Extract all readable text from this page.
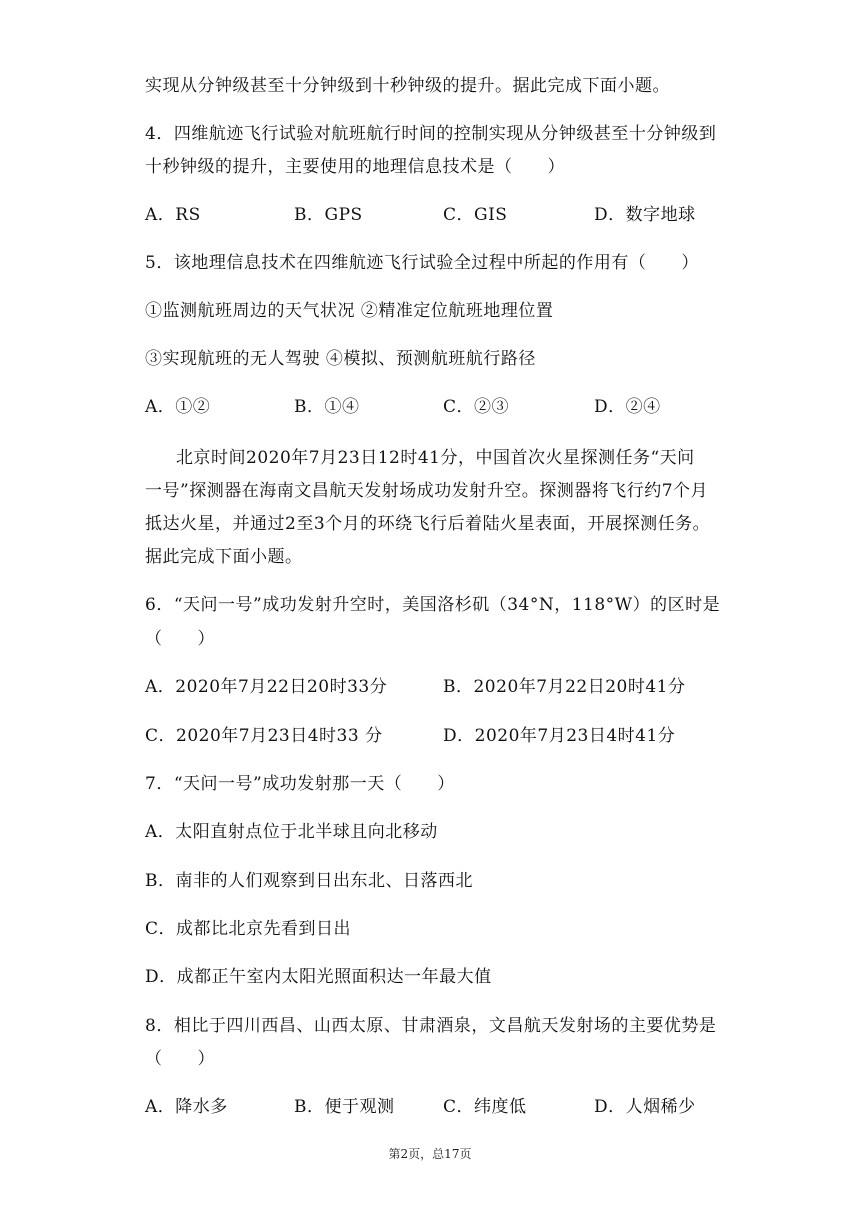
实现从分钟级甚至十分钟级到十秒钟级的提升。据此完成下面小题。
4．四维航迹飞行试验对航班航行时间的控制实现从分钟级甚至十分钟级到
十秒钟级的提升，主要使用的地理信息技术是（　　）
A．RS	B．GPS	C．GIS	D．数字地球
5．该地理信息技术在四维航迹飞行试验全过程中所起的作用有（　　）
①监测航班周边的天气状况 ②精准定位航班地理位置
③实现航班的无人驾驶 ④模拟、预测航班航行路径
A．①②	B．①④	C．②③	D．②④
北京时间2020年7月23日12时41分，中国首次火星探测任务“天问
一号”探测器在海南文昌航天发射场成功发射升空。探测器将飞行约7个月
抵达火星，并通过2至3个月的环绕飞行后着陆火星表面，开展探测任务。
据此完成下面小题。
6．“天问一号”成功发射升空时，美国洛杉矶（34°N，118°W）的区时是
（　　）
A．2020年7月22日20时33分	B．2020年7月22日20时41分
C．2020年7月23日4时33 分	D．2020年7月23日4时41分
7．“天问一号”成功发射那一天（　　）
A．太阳直射点位于北半球且向北移动
B．南非的人们观察到日出东北、日落西北
C．成都比北京先看到日出
D．成都正午室内太阳光照面积达一年最大值
8．相比于四川西昌、山西太原、甘肃酒泉，文昌航天发射场的主要优势是
（　　）
A．降水多	B．便于观测	C．纬度低	D．人烟稀少
第2页，总17页
